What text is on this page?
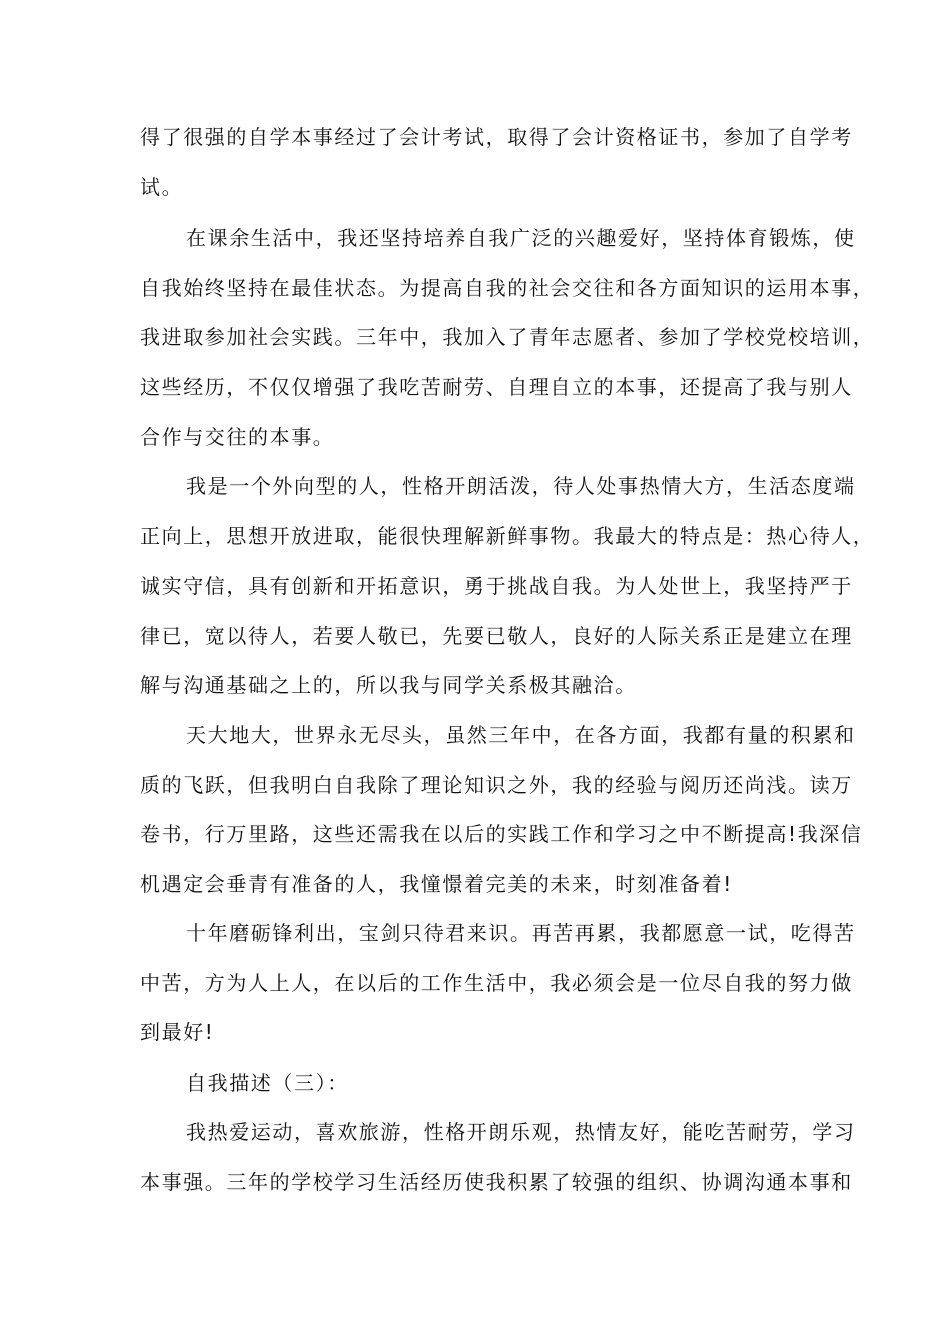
得了很强的自学本事经过了会计考试，取得了会计资格证书，参加了自学考
试。
在课余生活中，我还坚持培养自我广泛的兴趣爱好，坚持体育锻炼，使
自我始终坚持在最佳状态。为提高自我的社会交往和各方面知识的运用本事，
我进取参加社会实践。三年中，我加入了青年志愿者、参加了学校党校培训，
这些经历，不仅仅增强了我吃苦耐劳、自理自立的本事，还提高了我与别人
合作与交往的本事。
我是一个外向型的人，性格开朗活泼，待人处事热情大方，生活态度端
正向上，思想开放进取，能很快理解新鲜事物。我最大的特点是：热心待人，
诚实守信，具有创新和开拓意识，勇于挑战自我。为人处世上，我坚持严于
律已，宽以待人，若要人敬已，先要已敬人，良好的人际关系正是建立在理
解与沟通基础之上的，所以我与同学关系极其融洽。
天大地大，世界永无尽头，虽然三年中，在各方面，我都有量的积累和
质的飞跃，但我明白自我除了理论知识之外，我的经验与阅历还尚浅。读万
卷书，行万里路，这些还需我在以后的实践工作和学习之中不断提高!我深信
机遇定会垂青有准备的人，我憧憬着完美的未来，时刻准备着!
十年磨砺锋利出，宝剑只待君来识。再苦再累，我都愿意一试，吃得苦
中苦，方为人上人，在以后的工作生活中，我必须会是一位尽自我的努力做
到最好!
自我描述（三）：
我热爱运动，喜欢旅游，性格开朗乐观，热情友好，能吃苦耐劳，学习
本事强。三年的学校学习生活经历使我积累了较强的组织、协调沟通本事和
